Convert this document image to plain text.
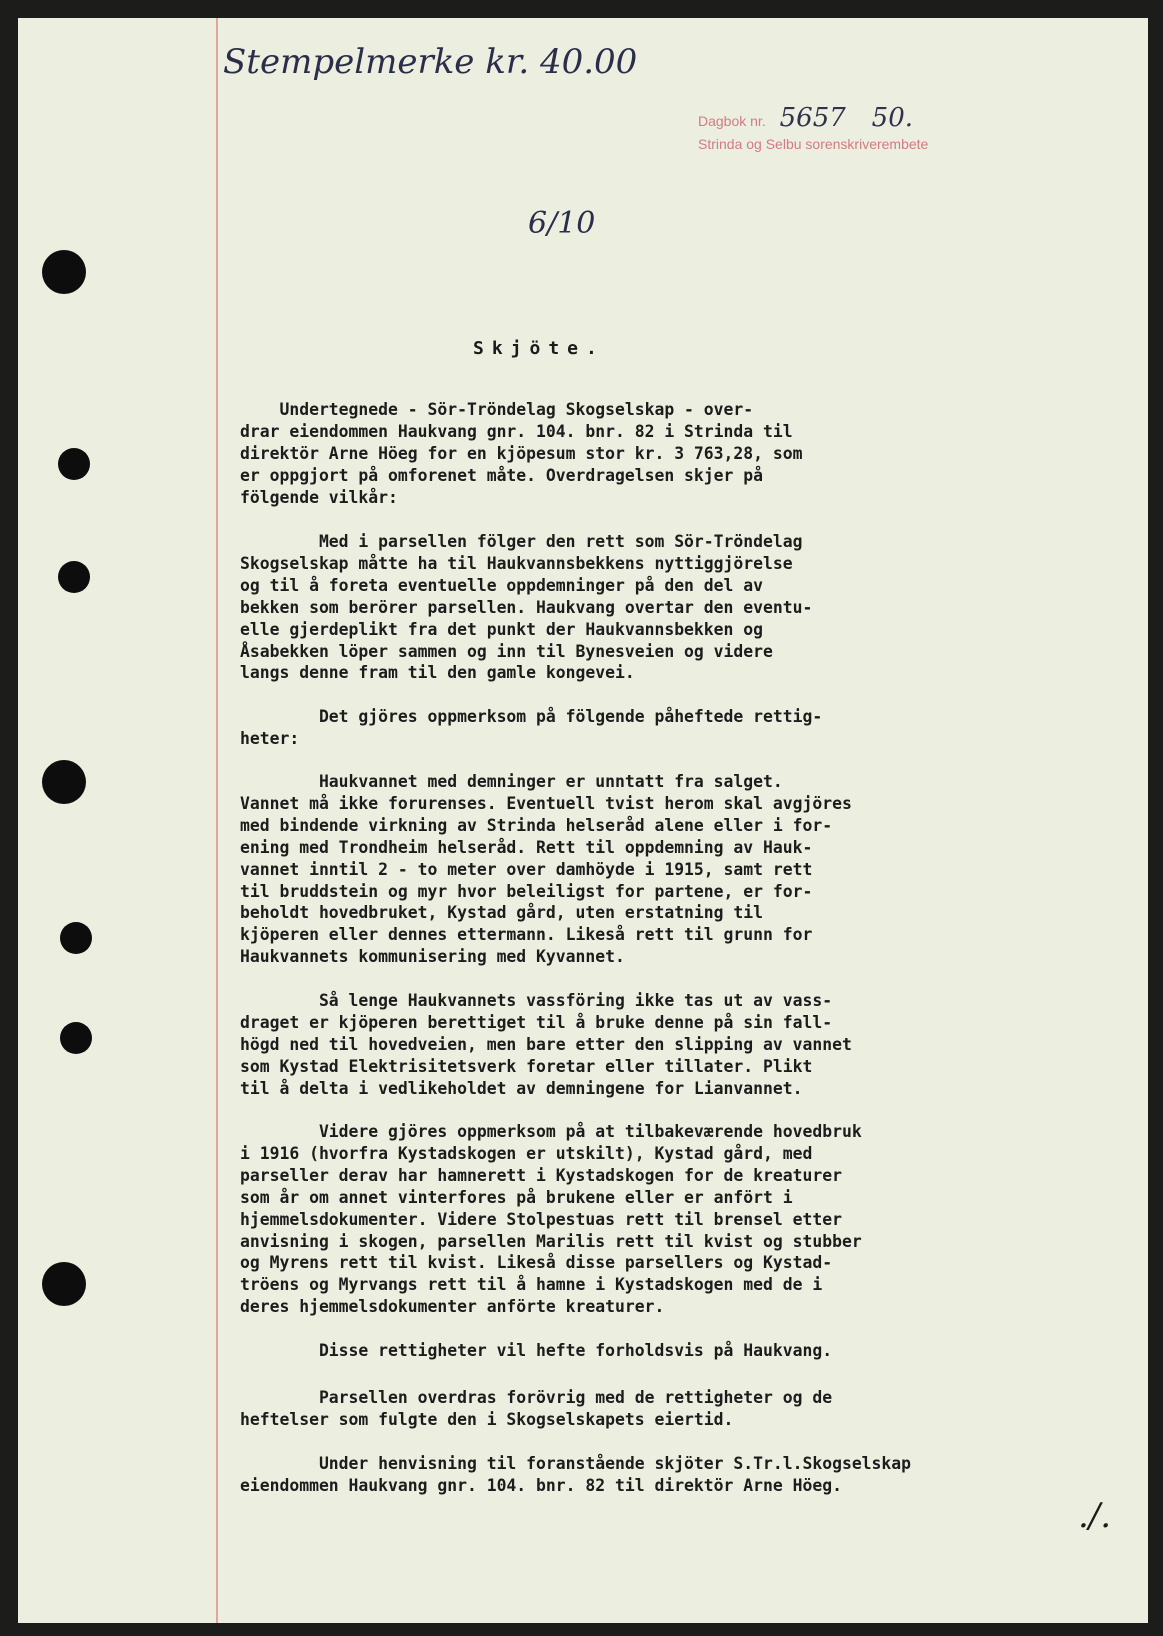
Stempelmerke kr. 40.00
Dagbok nr. 5657 50.
Strinda og Selbu sorenskriverembete
6/10
Skjöte.
Undertegnede - Sör-Tröndelag Skogselskap - over-
drar eiendommen Haukvang gnr. 104. bnr. 82 i Strinda til
direktör Arne Höeg for en kjöpesum stor kr. 3 763,28, som
er oppgjort på omforenet måte. Overdragelsen skjer på
fölgende vilkår:
Med i parsellen fölger den rett som Sör-Tröndelag
Skogselskap måtte ha til Haukvannsbekkens nyttiggjörelse
og til å foreta eventuelle oppdemninger på den del av
bekken som berörer parsellen. Haukvang overtar den eventu-
elle gjerdeplikt fra det punkt der Haukvannsbekken og
Åsabekken löper sammen og inn til Bynesveien og videre
langs denne fram til den gamle kongevei.
Det gjöres oppmerksom på fölgende påheftede rettig-
heter:
Haukvannet med demninger er unntatt fra salget.
Vannet må ikke forurenses. Eventuell tvist herom skal avgjöres
med bindende virkning av Strinda helseråd alene eller i for-
ening med Trondheim helseråd. Rett til oppdemning av Hauk-
vannet inntil 2 - to meter over damhöyde i 1915, samt rett
til bruddstein og myr hvor beleiligst for partene, er for-
beholdt hovedbruket, Kystad gård, uten erstatning til
kjöperen eller dennes ettermann. Likeså rett til grunn for
Haukvannets kommunisering med Kyvannet.
Så lenge Haukvannets vassföring ikke tas ut av vass-
draget er kjöperen berettiget til å bruke denne på sin fall-
högd ned til hovedveien, men bare etter den slipping av vannet
som Kystad Elektrisitetsverk foretar eller tillater. Plikt
til å delta i vedlikeholdet av demningene for Lianvannet.
Videre gjöres oppmerksom på at tilbakeværende hovedbruk
i 1916 (hvorfra Kystadskogen er utskilt), Kystad gård, med
parseller derav har hamnerett i Kystadskogen for de kreaturer
som år om annet vinterfores på brukene eller er anfört i
hjemmelsdokumenter. Videre Stolpestuas rett til brensel etter
anvisning i skogen, parsellen Marilis rett til kvist og stubber
og Myrens rett til kvist. Likeså disse parsellers og Kystad-
tröens og Myrvangs rett til å hamne i Kystadskogen med de i
deres hjemmelsdokumenter anförte kreaturer.
Disse rettigheter vil hefte forholdsvis på Haukvang.
Parsellen overdras forövrig med de rettigheter og de
heftelser som fulgte den i Skogselskapets eiertid.
Under henvisning til foranstående skjöter S.Tr.l.Skogselskap
eiendommen Haukvang gnr. 104. bnr. 82 til direktör Arne Höeg.
./.
